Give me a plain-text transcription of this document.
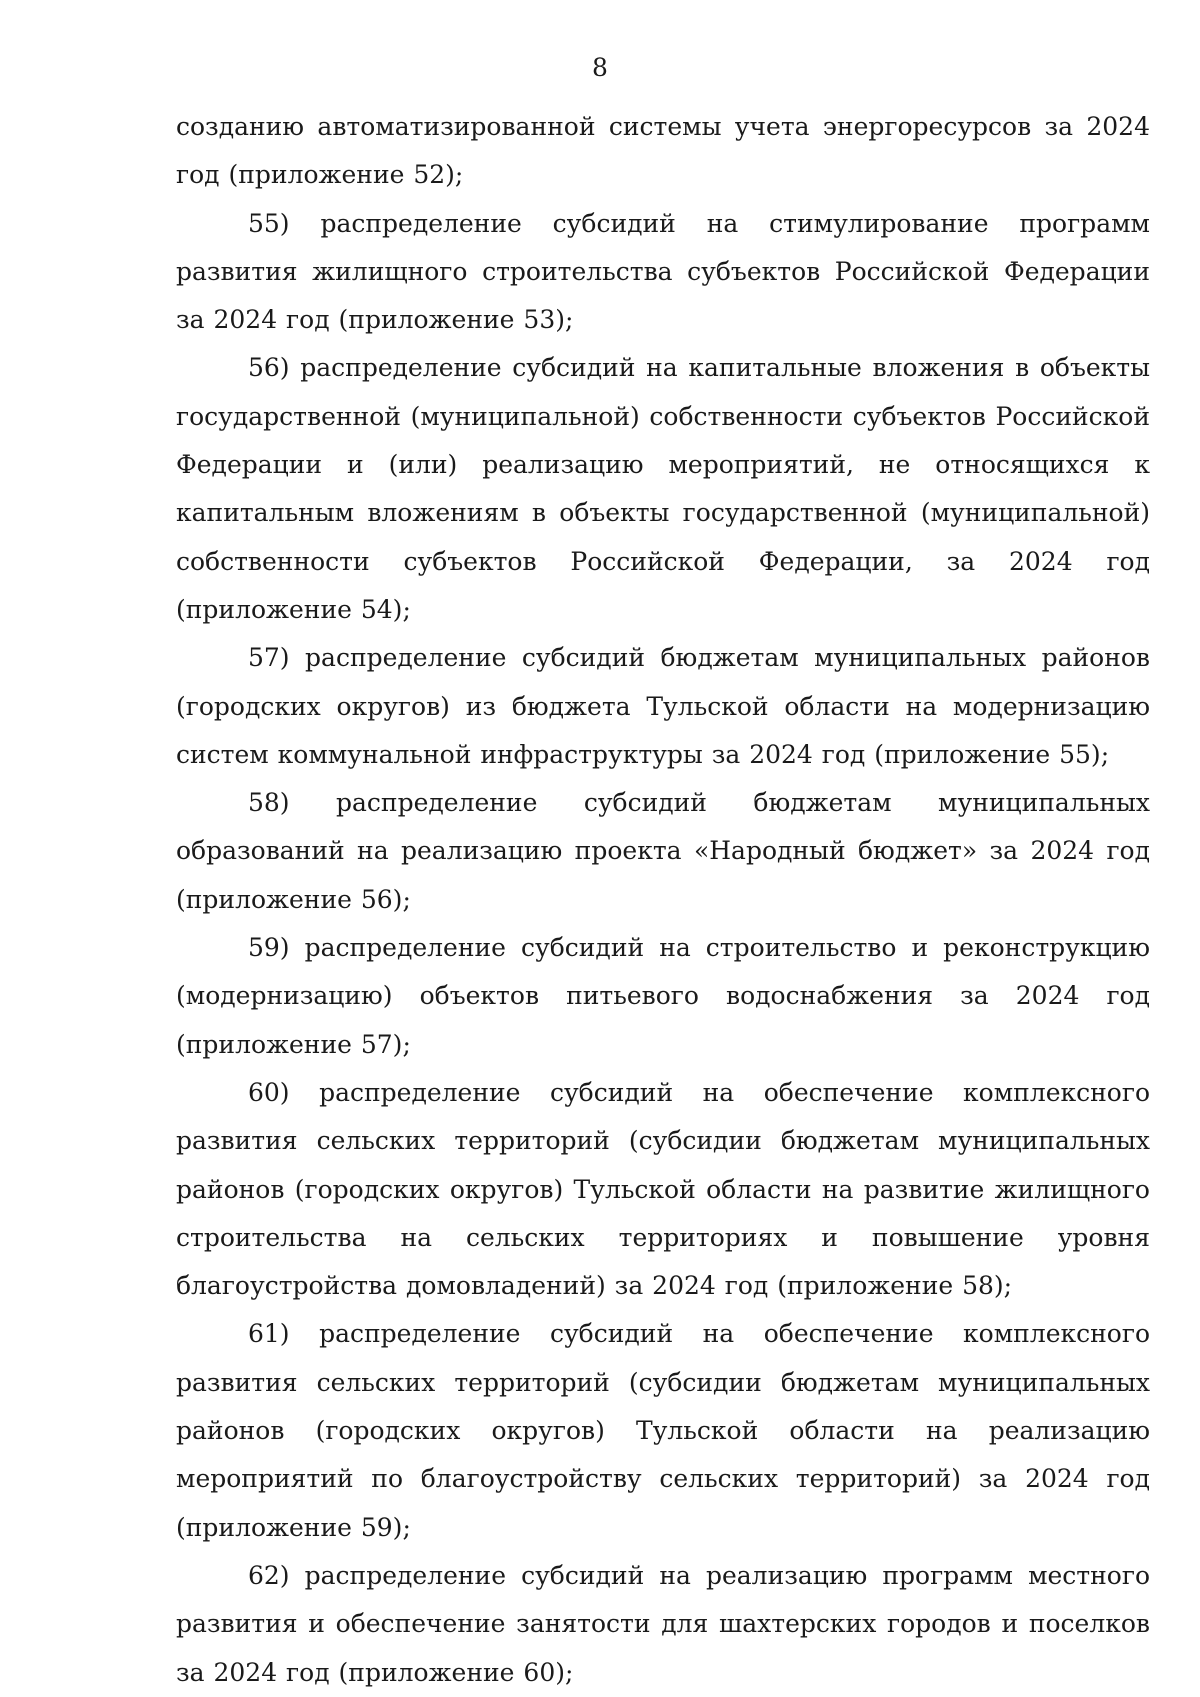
8

созданию автоматизированной системы учета энергоресурсов за 2024 год (приложение 52);

55) распределение субсидий на стимулирование программ развития жилищного строительства субъектов Российской Федерации за 2024 год (приложение 53);

56) распределение субсидий на капитальные вложения в объекты государственной (муниципальной) собственности субъектов Российской Федерации и (или) реализацию мероприятий, не относящихся к капитальным вложениям в объекты государственной (муниципальной) собственности субъектов Российской Федерации, за 2024 год (приложение 54);

57) распределение субсидий бюджетам муниципальных районов (городских округов) из бюджета Тульской области на модернизацию систем коммунальной инфраструктуры за 2024 год (приложение 55);

58) распределение субсидий бюджетам муниципальных образований на реализацию проекта «Народный бюджет» за 2024 год (приложение 56);

59) распределение субсидий на строительство и реконструкцию (модернизацию) объектов питьевого водоснабжения за 2024 год (приложение 57);

60) распределение субсидий на обеспечение комплексного развития сельских территорий (субсидии бюджетам муниципальных районов (городских округов) Тульской области на развитие жилищного строительства на сельских территориях и повышение уровня благоустройства домовладений) за 2024 год (приложение 58);

61) распределение субсидий на обеспечение комплексного развития сельских территорий (субсидии бюджетам муниципальных районов (городских округов) Тульской области на реализацию мероприятий по благоустройству сельских территорий) за 2024 год (приложение 59);

62) распределение субсидий на реализацию программ местного развития и обеспечение занятости для шахтерских городов и поселков за 2024 год (приложение 60);
